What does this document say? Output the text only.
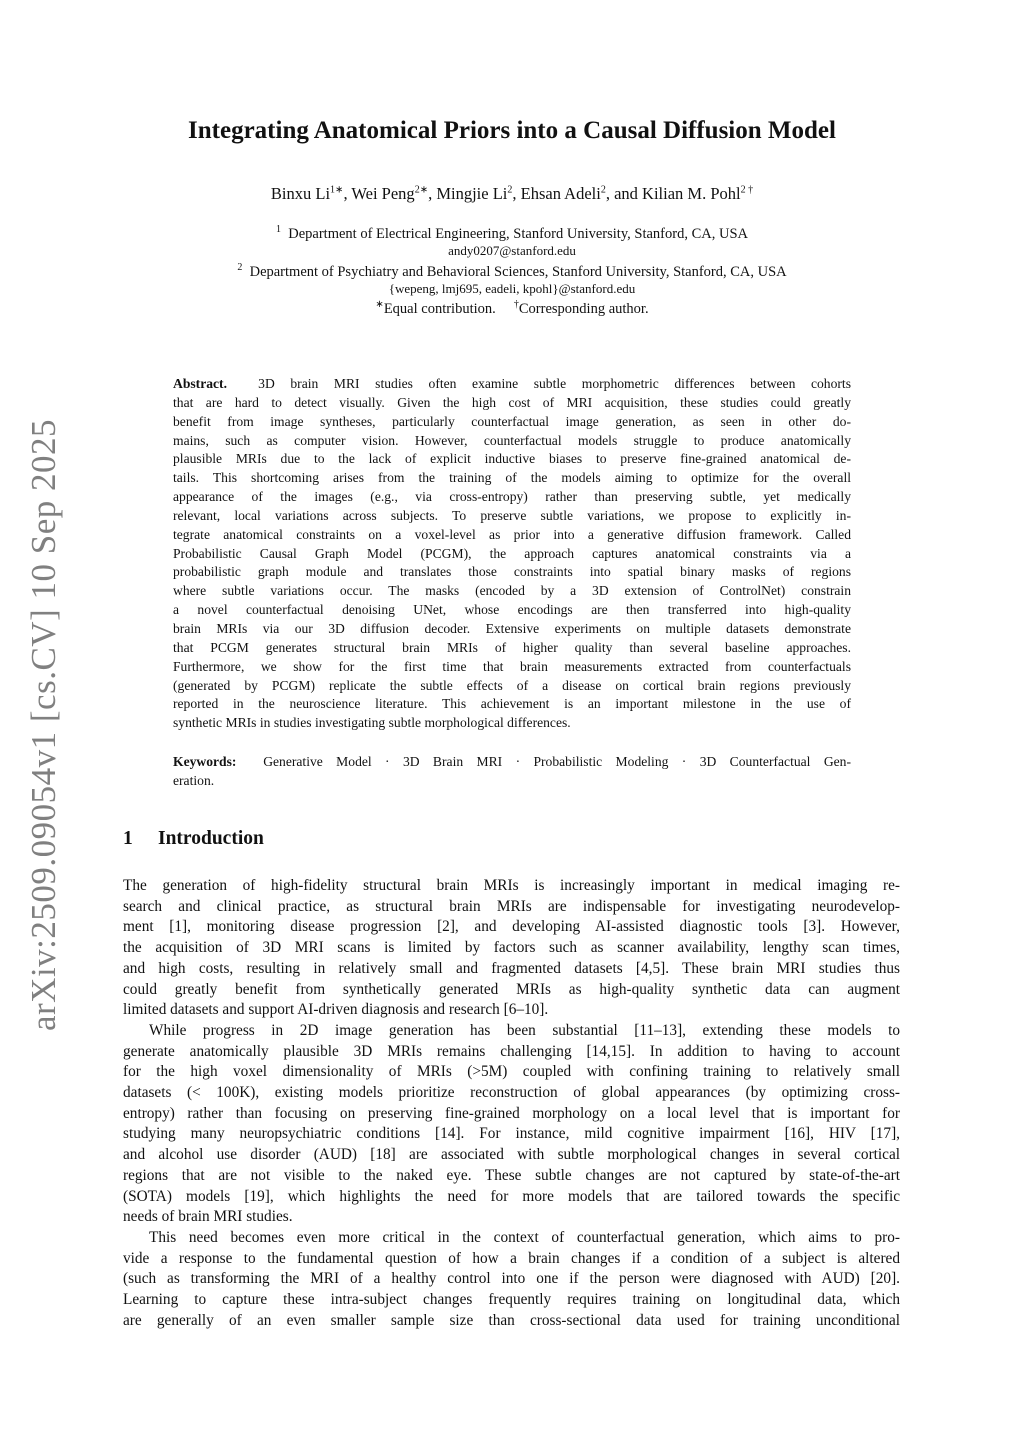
arXiv:2509.09054v1 [cs.CV] 10 Sep 2025
Integrating Anatomical Priors into a Causal Diffusion Model
Binxu $Li^{1∗}$, Wei Peng$^{2∗}$, Mingjie Li$^2$, Ehsan Adeli$^2$, and Kilian M. Pohl$^{2 \dagger}$
$^1$ Department of Electrical Engineering, Stanford University, Stanford, CA, USA
andy0207@stanford.edu
$^2$ Department of Psychiatry and Behavioral Sciences, Stanford University, Stanford, CA, USA
{wepeng, lmj695, eadeli, kpohl}@stanford.edu
∗Equal contribution. †Corresponding author.
Abstract. 3D brain MRI studies often examine subtle morphometric differences between cohorts
that are hard to detect visually. Given the high cost of MRI acquisition, these studies could greatly
benefit from image syntheses, particularly counterfactual image generation, as seen in other do-
mains, such as computer vision. However, counterfactual models struggle to produce anatomically
plausible MRIs due to the lack of explicit inductive biases to preserve fine-grained anatomical de-
tails. This shortcoming arises from the training of the models aiming to optimize for the overall
appearance of the images (e.g., via cross-entropy) rather than preserving subtle, yet medically
relevant, local variations across subjects. To preserve subtle variations, we propose to explicitly in-
tegrate anatomical constraints on a voxel-level as prior into a generative diffusion framework. Called
Probabilistic Causal Graph Model (PCGM), the approach captures anatomical constraints via a
probabilistic graph module and translates those constraints into spatial binary masks of regions
where subtle variations occur. The masks (encoded by a 3D extension of ControlNet) constrain
a novel counterfactual denoising UNet, whose encodings are then transferred into high-quality
brain MRIs via our 3D diffusion decoder. Extensive experiments on multiple datasets demonstrate
that PCGM generates structural brain MRIs of higher quality than several baseline approaches.
Furthermore, we show for the first time that brain measurements extracted from counterfactuals
(generated by PCGM) replicate the subtle effects of a disease on cortical brain regions previously
reported in the neuroscience literature. This achievement is an important milestone in the use of
synthetic MRIs in studies investigating subtle morphological differences.
Keywords: Generative Model · 3D Brain MRI · Probabilistic Modeling · 3D Counterfactual Gen-
eration.
1 Introduction
The generation of high-fidelity structural brain MRIs is increasingly important in medical imaging re-
search and clinical practice, as structural brain MRIs are indispensable for investigating neurodevelop-
ment [1], monitoring disease progression [2], and developing AI-assisted diagnostic tools [3]. However,
the acquisition of 3D MRI scans is limited by factors such as scanner availability, lengthy scan times,
and high costs, resulting in relatively small and fragmented datasets [4,5]. These brain MRI studies thus
could greatly benefit from synthetically generated MRIs as high-quality synthetic data can augment
limited datasets and support AI-driven diagnosis and research [6–10].
While progress in 2D image generation has been substantial [11–13], extending these models to
generate anatomically plausible 3D MRIs remains challenging [14,15]. In addition to having to account
for the high voxel dimensionality of MRIs (>5M) coupled with confining training to relatively small
datasets (< 100K), existing models prioritize reconstruction of global appearances (by optimizing cross-
entropy) rather than focusing on preserving fine-grained morphology on a local level that is important for
studying many neuropsychiatric conditions [14]. For instance, mild cognitive impairment [16], HIV [17],
and alcohol use disorder (AUD) [18] are associated with subtle morphological changes in several cortical
regions that are not visible to the naked eye. These subtle changes are not captured by state-of-the-art
(SOTA) models [19], which highlights the need for more models that are tailored towards the specific
needs of brain MRI studies.
This need becomes even more critical in the context of counterfactual generation, which aims to pro-
vide a response to the fundamental question of how a brain changes if a condition of a subject is altered
(such as transforming the MRI of a healthy control into one if the person were diagnosed with AUD) [20].
Learning to capture these intra-subject changes frequently requires training on longitudinal data, which
are generally of an even smaller sample size than cross-sectional data used for training unconditional
